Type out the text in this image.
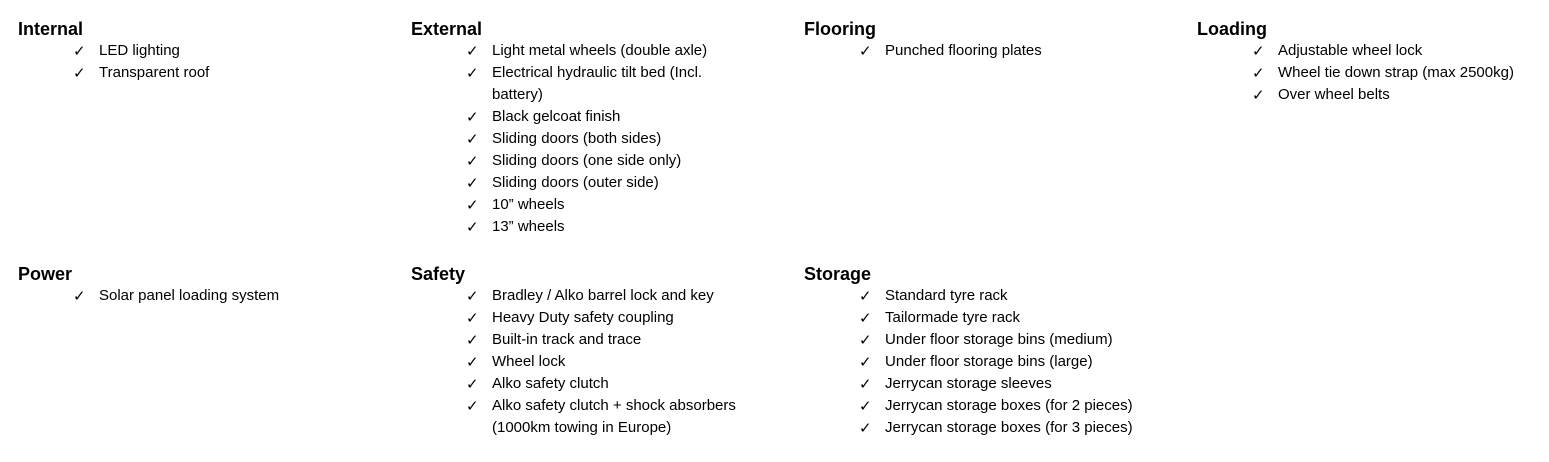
Internal
✓ LED lighting
✓ Transparent roof
External
✓ Light metal wheels (double axle)
✓ Electrical hydraulic tilt bed (Incl. battery)
✓ Black gelcoat finish
✓ Sliding doors (both sides)
✓ Sliding doors (one side only)
✓ Sliding doors (outer side)
✓ 10” wheels
✓ 13” wheels
Flooring
✓ Punched flooring plates
Loading
✓ Adjustable wheel lock
✓ Wheel tie down strap (max 2500kg)
✓ Over wheel belts
Power
✓ Solar panel loading system
Safety
✓ Bradley / Alko barrel lock and key
✓ Heavy Duty safety coupling
✓ Built-in track and trace
✓ Wheel lock
✓ Alko safety clutch
✓ Alko safety clutch + shock absorbers (1000km towing in Europe)
Storage
✓ Standard tyre rack
✓ Tailormade tyre rack
✓ Under floor storage bins (medium)
✓ Under floor storage bins (large)
✓ Jerrycan storage sleeves
✓ Jerrycan storage boxes (for 2 pieces)
✓ Jerrycan storage boxes (for 3 pieces)
